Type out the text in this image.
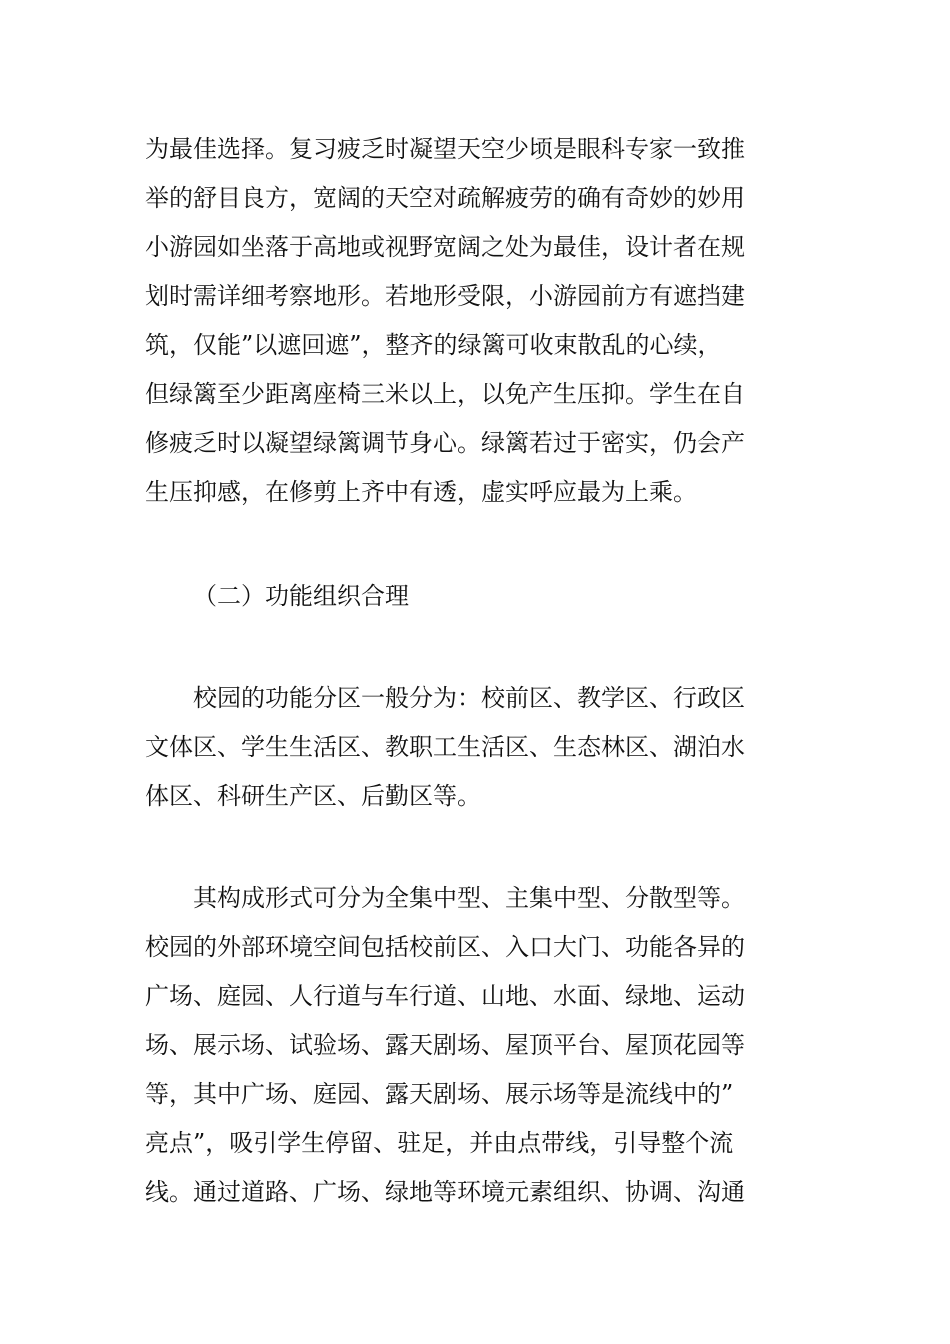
为最佳选择。复习疲乏时凝望天空少顷是眼科专家一致推

举的舒目良方，宽阔的天空对疏解疲劳的确有奇妙的妙用

小游园如坐落于高地或视野宽阔之处为最佳，设计者在规

划时需详细考察地形。若地形受限，小游园前方有遮挡建

筑，仅能”以遮回遮”，整齐的绿篱可收束散乱的心续，

但绿篱至少距离座椅三米以上，以免产生压抑。学生在自

修疲乏时以凝望绿篱调节身心。绿篱若过于密实，仍会产

生压抑感，在修剪上齐中有透，虚实呼应最为上乘。

（二）功能组织合理

校园的功能分区一般分为：校前区、教学区、行政区

文体区、学生生活区、教职工生活区、生态林区、湖泊水

体区、科研生产区、后勤区等。

其构成形式可分为全集中型、主集中型、分散型等。

校园的外部环境空间包括校前区、入口大门、功能各异的

广场、庭园、人行道与车行道、山地、水面、绿地、运动

场、展示场、试验场、露天剧场、屋顶平台、屋顶花园等

等，其中广场、庭园、露天剧场、展示场等是流线中的”

亮点”，吸引学生停留、驻足，并由点带线，引导整个流

线。通过道路、广场、绿地等环境元素组织、协调、沟通
